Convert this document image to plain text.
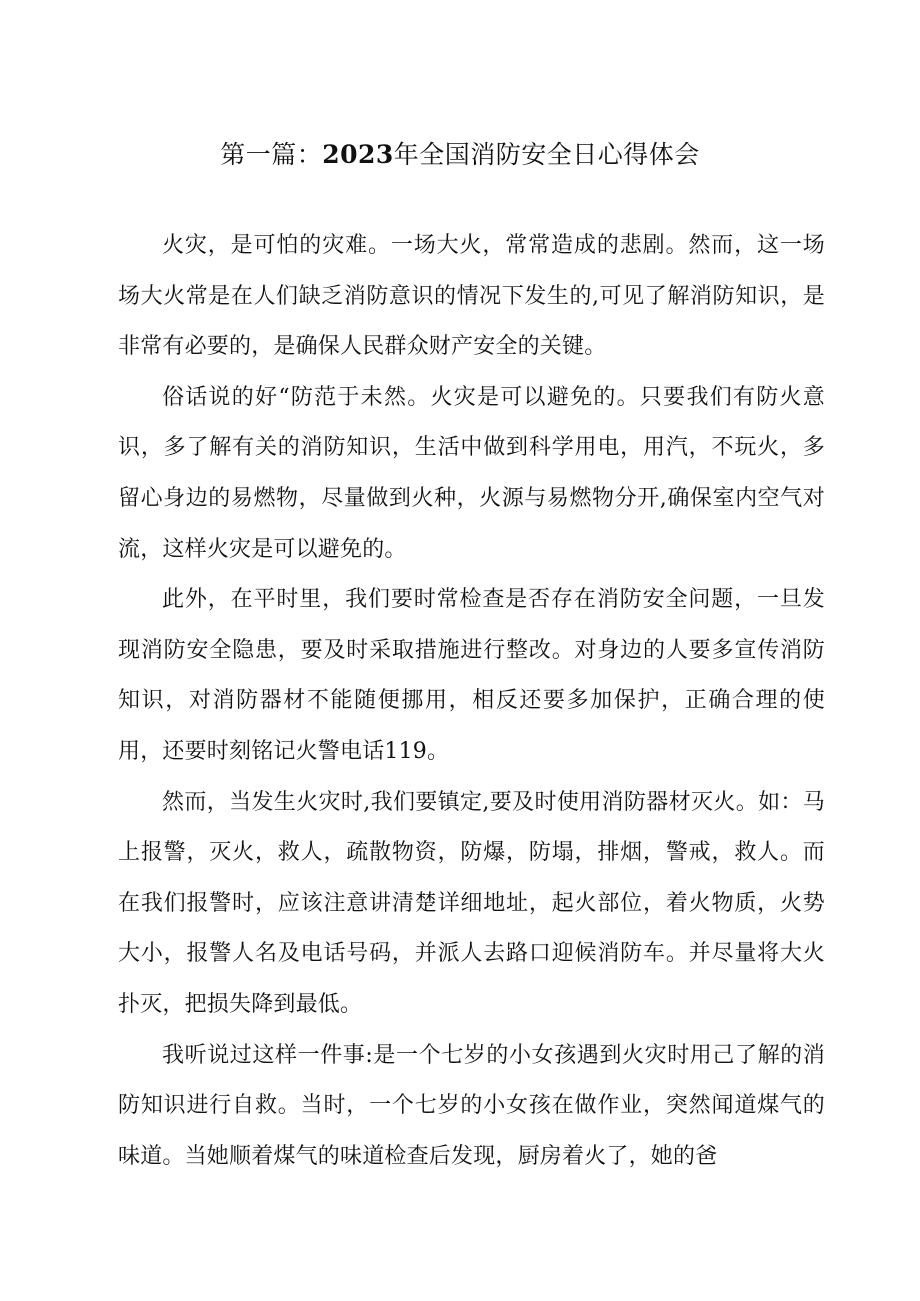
第一篇：2023年全国消防安全日心得体会

火灾，是可怕的灾难。一场大火，常常造成的悲剧。然而，这一场场大火常是在人们缺乏消防意识的情况下发生的,可见了解消防知识，是非常有必要的，是确保人民群众财产安全的关键。

俗话说的好“防范于未然。火灾是可以避免的。只要我们有防火意识，多了解有关的消防知识，生活中做到科学用电，用汽，不玩火，多留心身边的易燃物，尽量做到火种，火源与易燃物分开,确保室内空气对流，这样火灾是可以避免的。

此外，在平时里，我们要时常检查是否存在消防安全问题，一旦发现消防安全隐患，要及时采取措施进行整改。对身边的人要多宣传消防知识，对消防器材不能随便挪用，相反还要多加保护，正确合理的使用，还要时刻铭记火警电话119。

然而，当发生火灾时,我们要镇定,要及时使用消防器材灭火。如：马上报警，灭火，救人，疏散物资，防爆，防塌，排烟，警戒，救人。而在我们报警时，应该注意讲清楚详细地址，起火部位，着火物质，火势大小，报警人名及电话号码，并派人去路口迎候消防车。并尽量将大火扑灭，把损失降到最低。

我听说过这样一件事:是一个七岁的小女孩遇到火灾时用己了解的消防知识进行自救。当时，一个七岁的小女孩在做作业，突然闻道煤气的味道。当她顺着煤气的味道检查后发现，厨房着火了，她的爸
